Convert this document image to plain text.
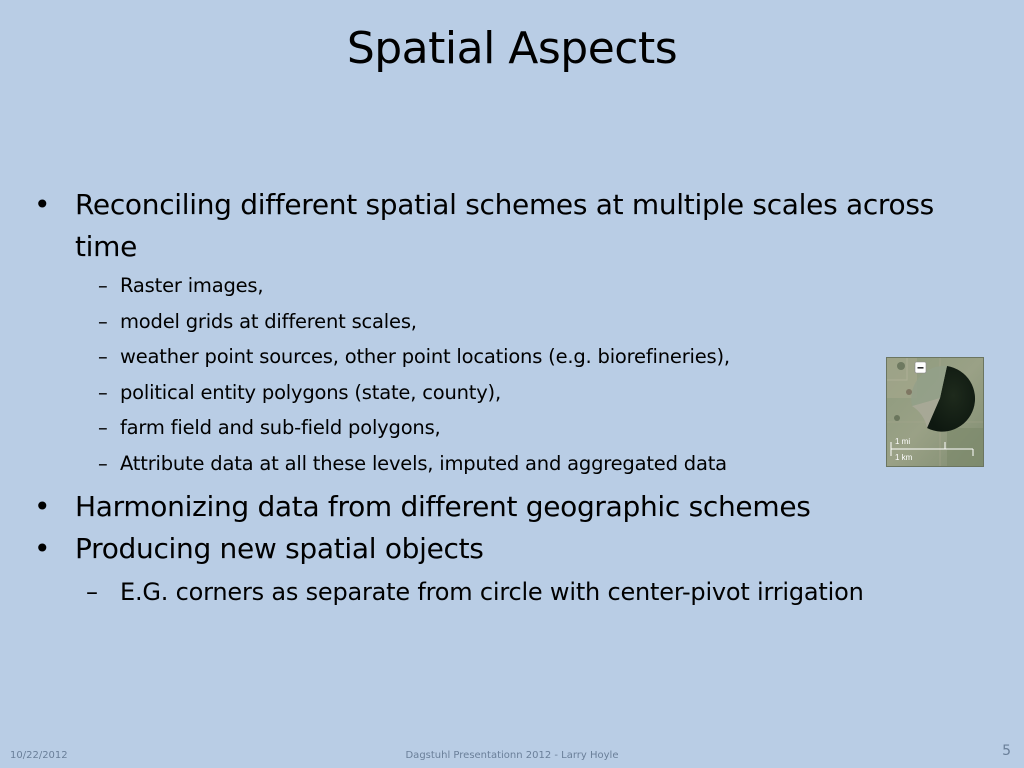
Spatial Aspects
• Reconciling different spatial schemes at multiple scales across time
– Raster images,
– model grids at different scales,
– weather point sources, other point locations (e.g. biorefineries),
– political entity polygons (state, county),
– farm field and sub-field polygons,
– Attribute data at all these levels, imputed and aggregated data
• Harmonizing data from different geographic schemes
• Producing new spatial objects
– E.G. corners as separate from circle with center-pivot irrigation
1 mi
1 km
10/22/2012	Dagstuhl Presentationn 2012 - Larry Hoyle	5
